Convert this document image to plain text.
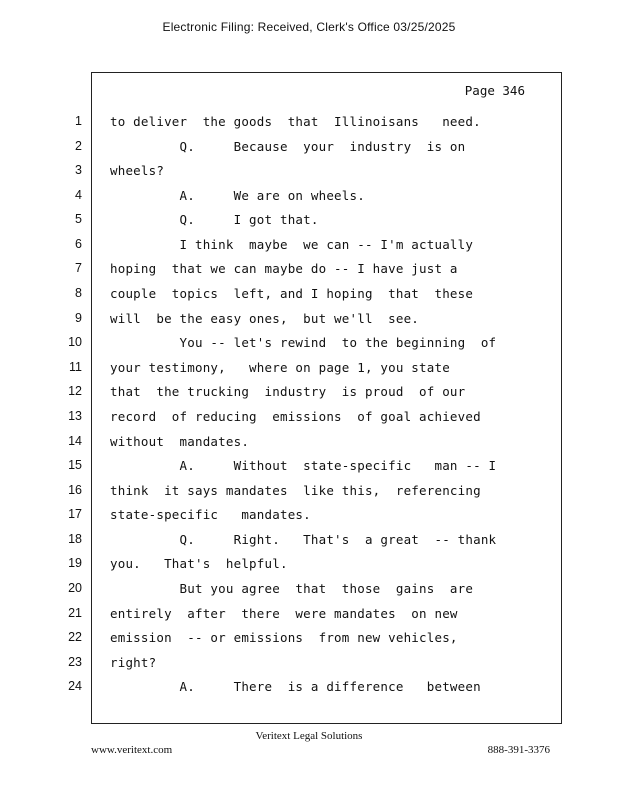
Electronic Filing: Received, Clerk's Office 03/25/2025
Page 346
1 to deliver  the goods  that  Illinoisans   need.
2 Q.     Because  your  industry  is on
3 wheels?
4 A.     We are on wheels.
5 Q.     I got that.
6 I think  maybe  we can -- I'm actually
7 hoping  that we can maybe do -- I have just a
8 couple  topics  left, and I hoping  that  these
9 will  be the easy ones,  but we'll  see.
10 You -- let's rewind  to the beginning  of
11 your testimony,   where on page 1, you state
12 that  the trucking  industry  is proud  of our
13 record  of reducing  emissions  of goal achieved
14 without  mandates.
15 A.     Without  state-specific   man -- I
16 think  it says mandates  like this,  referencing
17 state-specific   mandates.
18 Q.     Right.   That's  a great  -- thank
19 you.   That's  helpful.
20 But you agree  that  those  gains  are
21 entirely  after  there  were mandates  on new
22 emission  -- or emissions  from new vehicles,
23 right?
24 A.     There  is a difference   between
Veritext Legal Solutions
www.veritext.com	888-391-3376
